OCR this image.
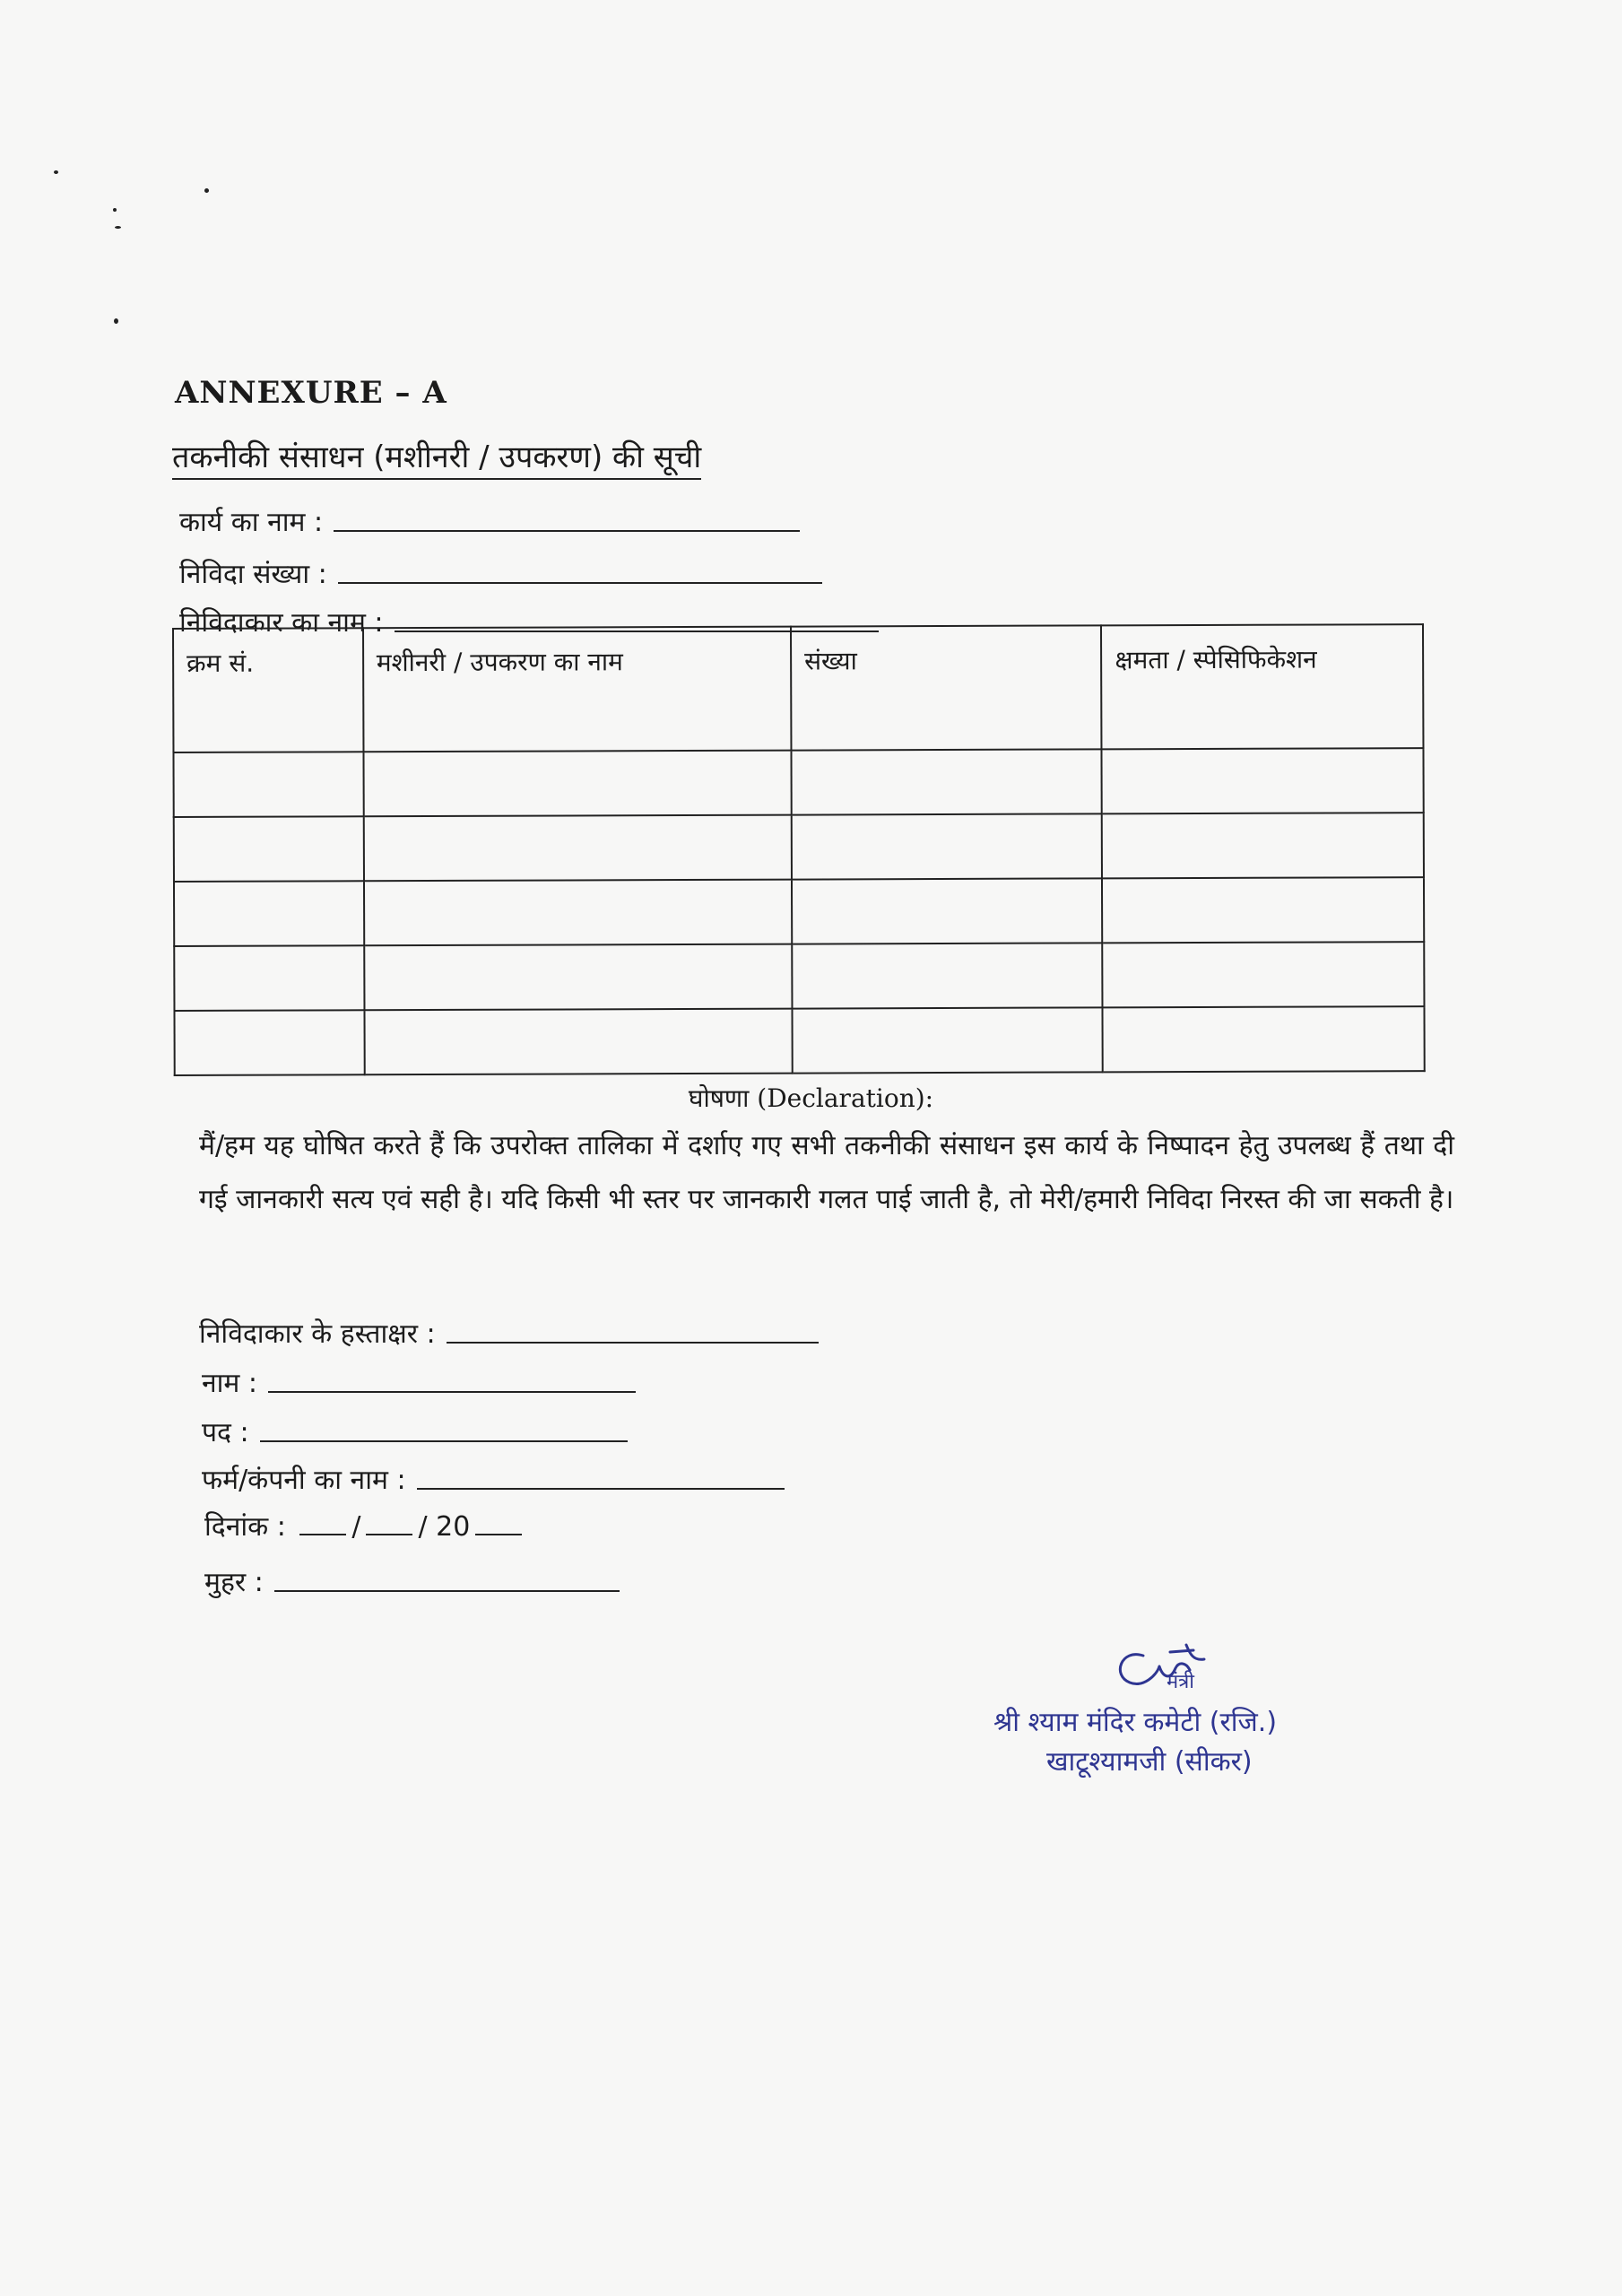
ANNEXURE – A
तकनीकी संसाधन (मशीनरी / उपकरण) की सूची
कार्य का नाम :
निविदा संख्या :
निविदाकार का नाम :
क्रम सं.	मशीनरी / उपकरण का नाम	संख्या	क्षमता / स्पेसिफिकेशन

घोषणा (Declaration):
मैं/हम यह घोषित करते हैं कि उपरोक्त तालिका में दर्शाए गए सभी तकनीकी संसाधन इस कार्य के निष्पादन हेतु उपलब्ध हैं तथा दी गई जानकारी सत्य एवं सही है। यदि किसी भी स्तर पर जानकारी गलत पाई जाती है, तो मेरी/हमारी निविदा निरस्त की जा सकती है।
निविदाकार के हस्ताक्षर :
नाम :
पद :
फर्म/कंपनी का नाम :
दिनांक : / / 20
मुहर :
मंत्री
श्री श्याम मंदिर कमेटी (रजि.)
खाटूश्यामजी (सीकर)
